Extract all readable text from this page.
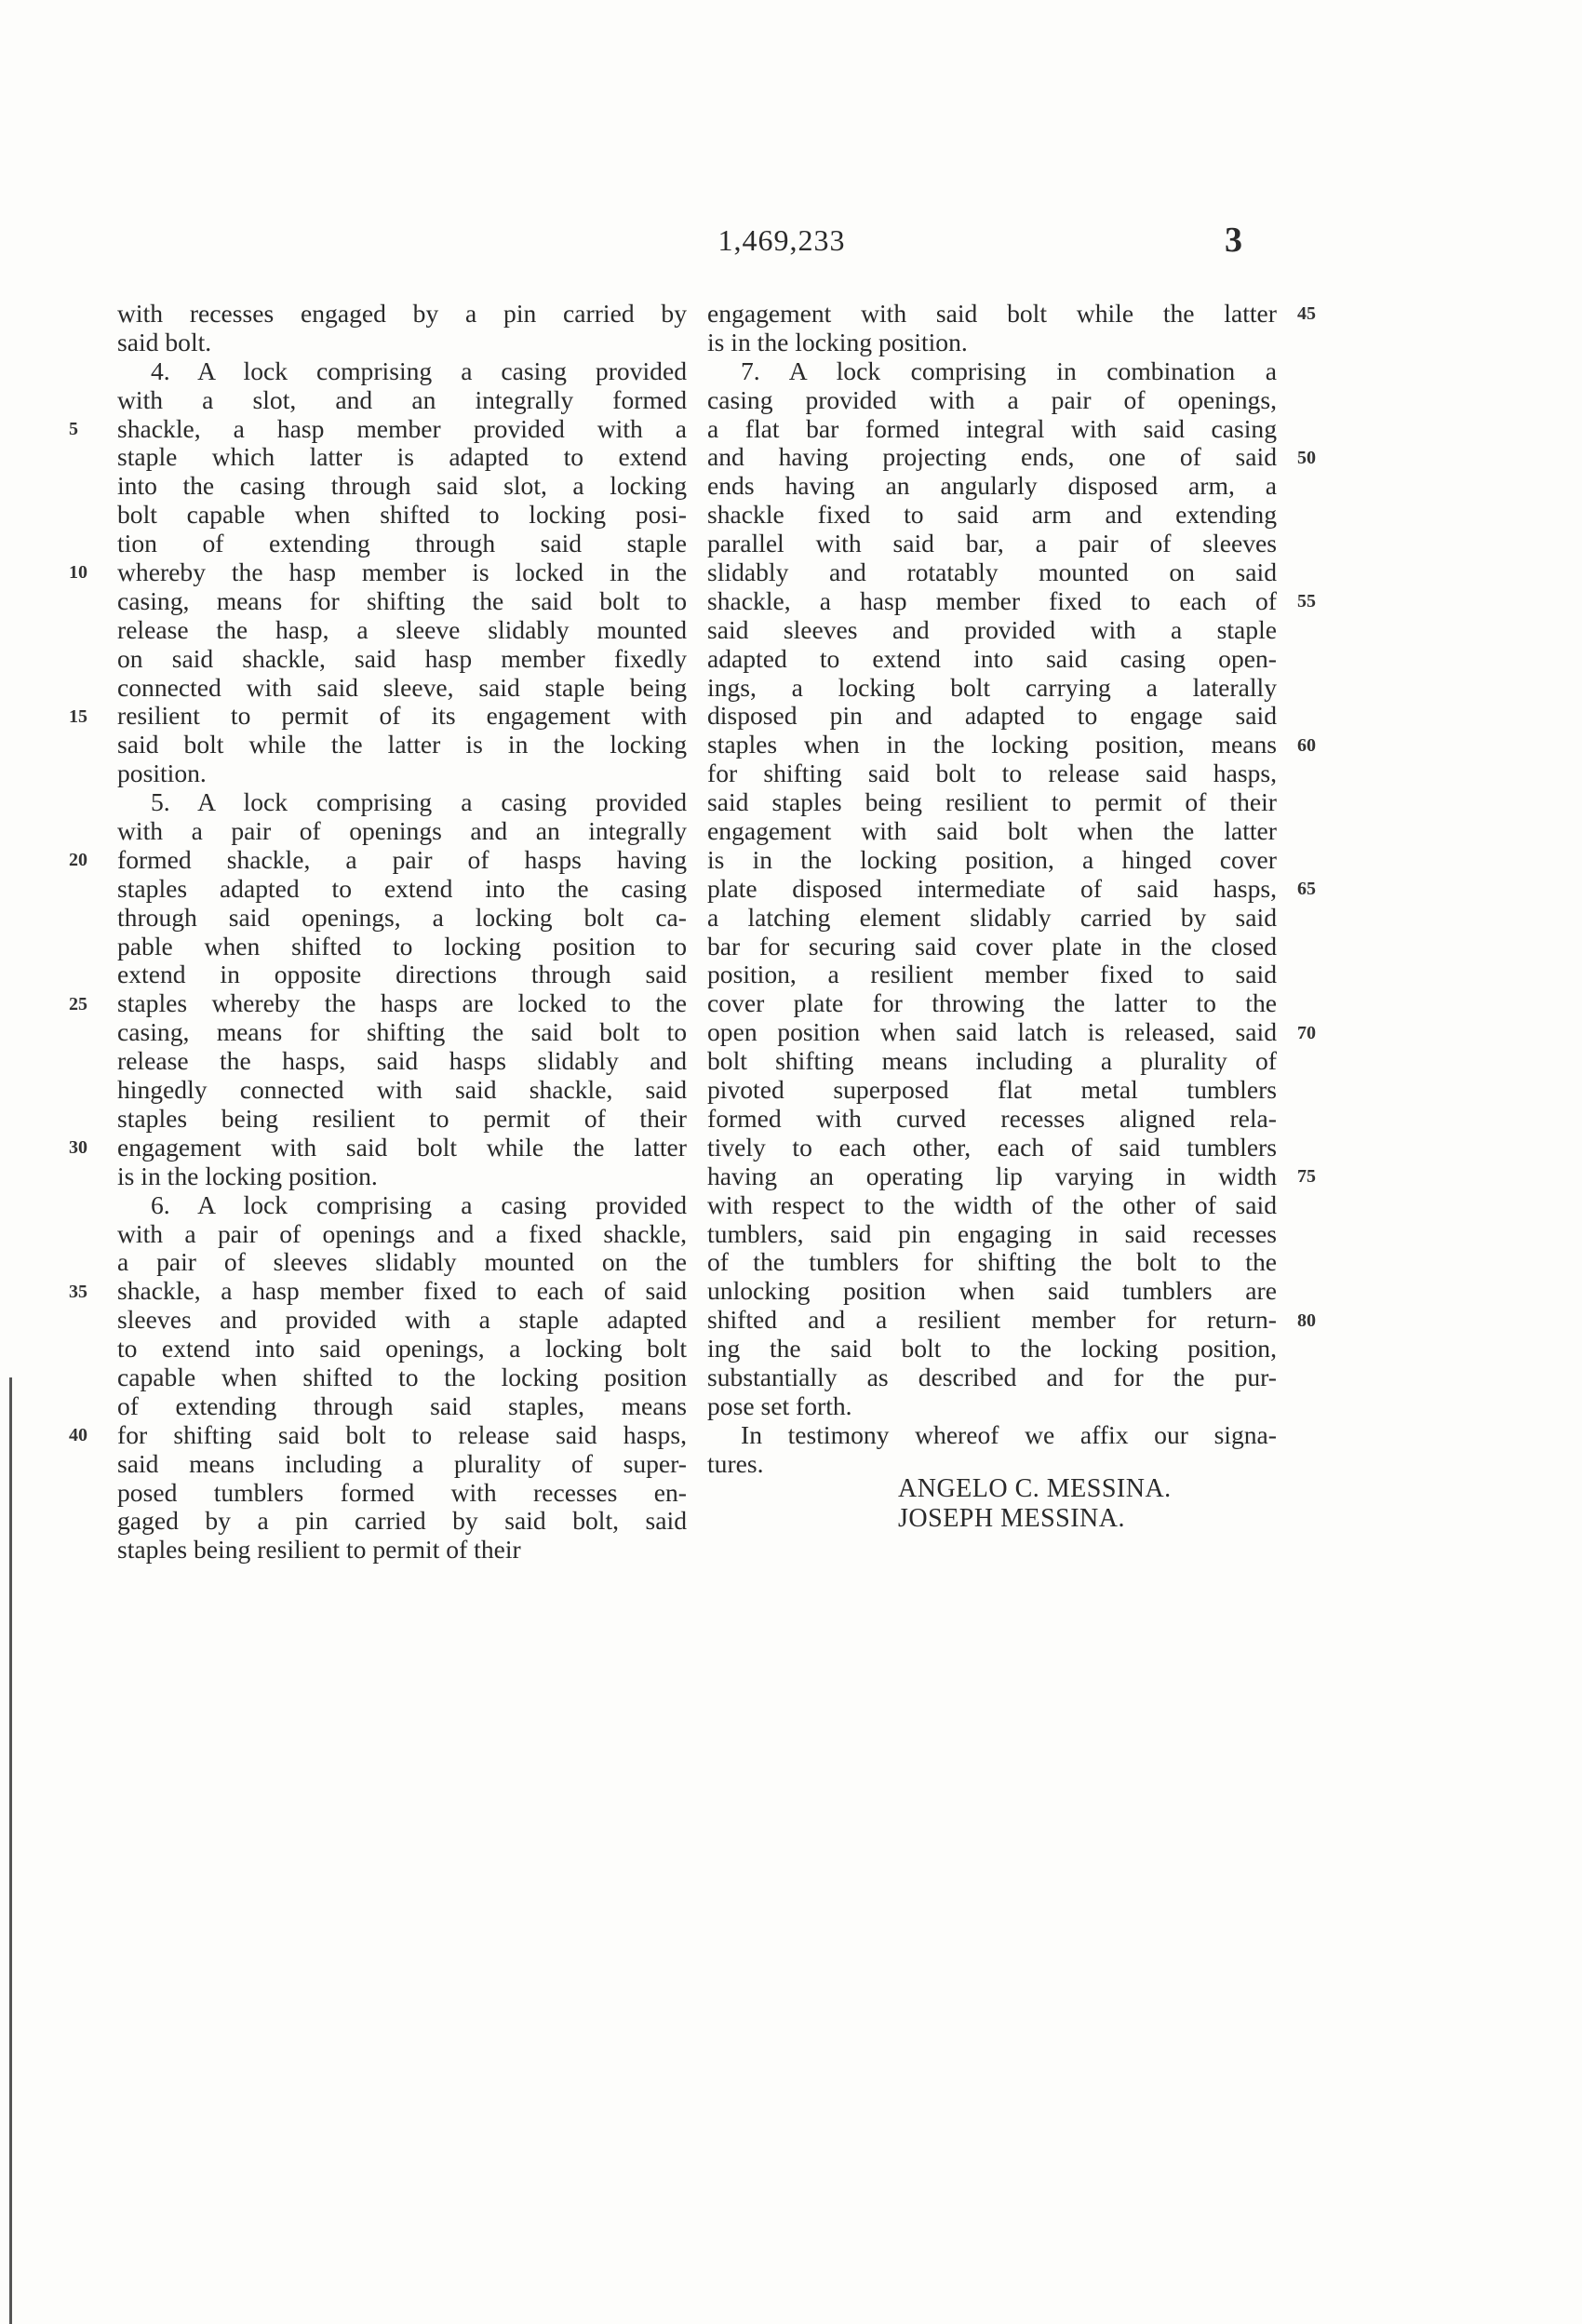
1,469,233	3
with recesses engaged by a pin carried by
said bolt.
4. A lock comprising a casing provided
with a slot, and an integrally formed
shackle, a hasp member provided with a
staple which latter is adapted to extend
into the casing through said slot, a locking
bolt capable when shifted to locking posi-
tion of extending through said staple
whereby the hasp member is locked in the
casing, means for shifting the said bolt to
release the hasp, a sleeve slidably mounted
on said shackle, said hasp member fixedly
connected with said sleeve, said staple being
resilient to permit of its engagement with
said bolt while the latter is in the locking
position.
5. A lock comprising a casing provided
with a pair of openings and an integrally
formed shackle, a pair of hasps having
staples adapted to extend into the casing
through said openings, a locking bolt ca-
pable when shifted to locking position to
extend in opposite directions through said
staples whereby the hasps are locked to the
casing, means for shifting the said bolt to
release the hasps, said hasps slidably and
hingedly connected with said shackle, said
staples being resilient to permit of their
engagement with said bolt while the latter
is in the locking position.
6. A lock comprising a casing provided
with a pair of openings and a fixed shackle,
a pair of sleeves slidably mounted on the
shackle, a hasp member fixed to each of said
sleeves and provided with a staple adapted
to extend into said openings, a locking bolt
capable when shifted to the locking position
of extending through said staples, means
for shifting said bolt to release said hasps,
said means including a plurality of super-
posed tumblers formed with recesses en-
gaged by a pin carried by said bolt, said
staples being resilient to permit of their
engagement with said bolt while the latter
is in the locking position.
7. A lock comprising in combination a
casing provided with a pair of openings,
a flat bar formed integral with said casing
and having projecting ends, one of said
ends having an angularly disposed arm, a
shackle fixed to said arm and extending
parallel with said bar, a pair of sleeves
slidably and rotatably mounted on said
shackle, a hasp member fixed to each of
said sleeves and provided with a staple
adapted to extend into said casing open-
ings, a locking bolt carrying a laterally
disposed pin and adapted to engage said
staples when in the locking position, means
for shifting said bolt to release said hasps,
said staples being resilient to permit of their
engagement with said bolt when the latter
is in the locking position, a hinged cover
plate disposed intermediate of said hasps,
a latching element slidably carried by said
bar for securing said cover plate in the closed
position, a resilient member fixed to said
cover plate for throwing the latter to the
open position when said latch is released, said
bolt shifting means including a plurality of
pivoted superposed flat metal tumblers
formed with curved recesses aligned rela-
tively to each other, each of said tumblers
having an operating lip varying in width
with respect to the width of the other of said
tumblers, said pin engaging in said recesses
of the tumblers for shifting the bolt to the
unlocking position when said tumblers are
shifted and a resilient member for return-
ing the said bolt to the locking position,
substantially as described and for the pur-
pose set forth.
In testimony whereof we affix our signa-
tures.
5
10
15
20
25
30
35
40
45
50
55
60
65
70
75
80
ANGELO C. MESSINA.
JOSEPH MESSINA.
